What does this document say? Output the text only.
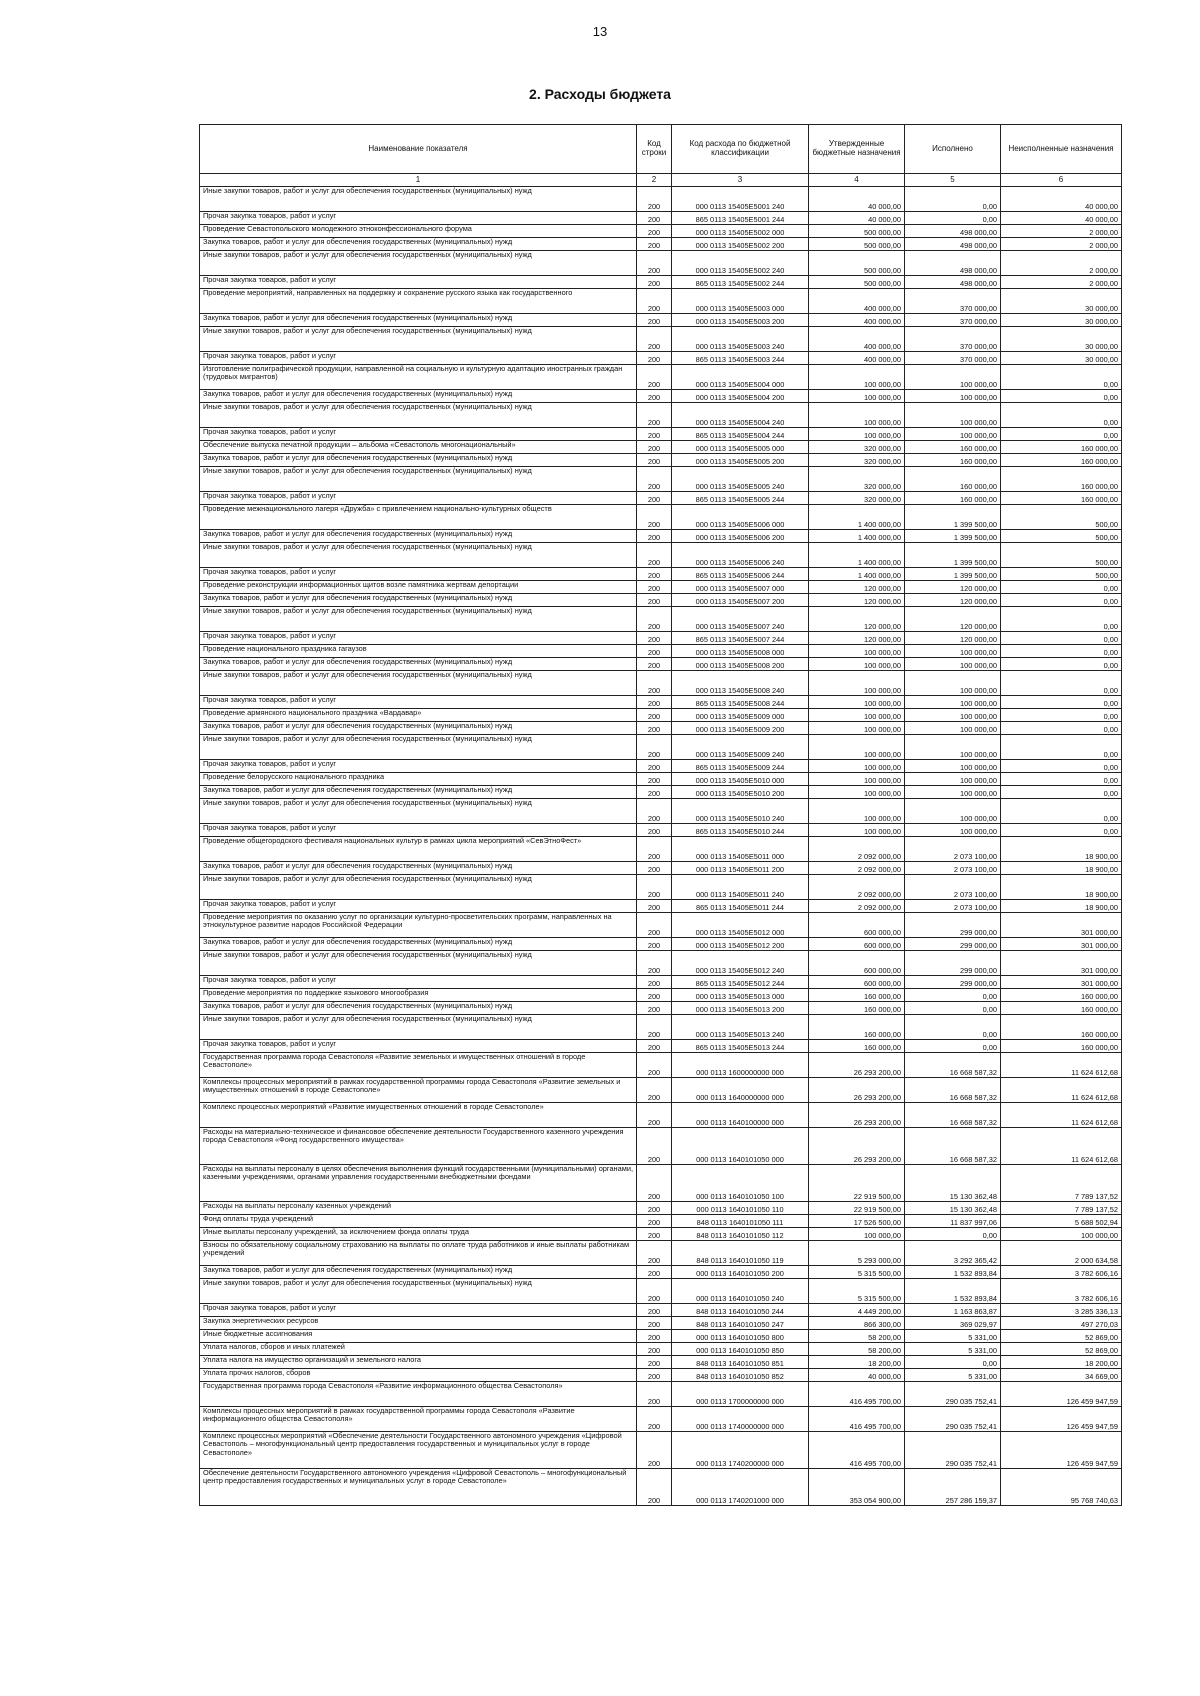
13
2. Расходы бюджета
Наименование показателя	Код строки	Код расхода по бюджетной классификации	Утвержденные бюджетные назначения	Исполнено	Неисполненные назначения
1	2	3	4	5	6
Иные закупки товаров, работ и услуг для обеспечения государственных (муниципальных) нужд	200	000 0113 15405E5001 240	40 000,00	0,00	40 000,00
Прочая закупка товаров, работ и услуг	200	865 0113 15405E5001 244	40 000,00	0,00	40 000,00
Проведение Севастопольского молодежного этноконфессионального форума	200	000 0113 15405E5002 000	500 000,00	498 000,00	2 000,00
Закупка товаров, работ и услуг для обеспечения государственных (муниципальных) нужд	200	000 0113 15405E5002 200	500 000,00	498 000,00	2 000,00
Иные закупки товаров, работ и услуг для обеспечения государственных (муниципальных) нужд	200	000 0113 15405E5002 240	500 000,00	498 000,00	2 000,00
Прочая закупка товаров, работ и услуг	200	865 0113 15405E5002 244	500 000,00	498 000,00	2 000,00
Проведение мероприятий, направленных на поддержку и сохранение русского языка как государственного	200	000 0113 15405E5003 000	400 000,00	370 000,00	30 000,00
Закупка товаров, работ и услуг для обеспечения государственных (муниципальных) нужд	200	000 0113 15405E5003 200	400 000,00	370 000,00	30 000,00
Иные закупки товаров, работ и услуг для обеспечения государственных (муниципальных) нужд	200	000 0113 15405E5003 240	400 000,00	370 000,00	30 000,00
Прочая закупка товаров, работ и услуг	200	865 0113 15405E5003 244	400 000,00	370 000,00	30 000,00
Изготовление полиграфической продукции, направленной на социальную и культурную адаптацию иностранных граждан (трудовых мигрантов)	200	000 0113 15405E5004 000	100 000,00	100 000,00	0,00
Закупка товаров, работ и услуг для обеспечения государственных (муниципальных) нужд	200	000 0113 15405E5004 200	100 000,00	100 000,00	0,00
Иные закупки товаров, работ и услуг для обеспечения государственных (муниципальных) нужд	200	000 0113 15405E5004 240	100 000,00	100 000,00	0,00
Прочая закупка товаров, работ и услуг	200	865 0113 15405E5004 244	100 000,00	100 000,00	0,00
Обеспечение выпуска печатной продукции – альбома «Севастополь многонациональный»	200	000 0113 15405E5005 000	320 000,00	160 000,00	160 000,00
Закупка товаров, работ и услуг для обеспечения государственных (муниципальных) нужд	200	000 0113 15405E5005 200	320 000,00	160 000,00	160 000,00
Иные закупки товаров, работ и услуг для обеспечения государственных (муниципальных) нужд	200	000 0113 15405E5005 240	320 000,00	160 000,00	160 000,00
Прочая закупка товаров, работ и услуг	200	865 0113 15405E5005 244	320 000,00	160 000,00	160 000,00
Проведение межнационального лагеря «Дружба» с привлечением национально-культурных обществ	200	000 0113 15405E5006 000	1 400 000,00	1 399 500,00	500,00
Закупка товаров, работ и услуг для обеспечения государственных (муниципальных) нужд	200	000 0113 15405E5006 200	1 400 000,00	1 399 500,00	500,00
Иные закупки товаров, работ и услуг для обеспечения государственных (муниципальных) нужд	200	000 0113 15405E5006 240	1 400 000,00	1 399 500,00	500,00
Прочая закупка товаров, работ и услуг	200	865 0113 15405E5006 244	1 400 000,00	1 399 500,00	500,00
Проведение реконструкции информационных щитов возле памятника жертвам депортации	200	000 0113 15405E5007 000	120 000,00	120 000,00	0,00
Закупка товаров, работ и услуг для обеспечения государственных (муниципальных) нужд	200	000 0113 15405E5007 200	120 000,00	120 000,00	0,00
Иные закупки товаров, работ и услуг для обеспечения государственных (муниципальных) нужд	200	000 0113 15405E5007 240	120 000,00	120 000,00	0,00
Прочая закупка товаров, работ и услуг	200	865 0113 15405E5007 244	120 000,00	120 000,00	0,00
Проведение национального праздника гагаузов	200	000 0113 15405E5008 000	100 000,00	100 000,00	0,00
Закупка товаров, работ и услуг для обеспечения государственных (муниципальных) нужд	200	000 0113 15405E5008 200	100 000,00	100 000,00	0,00
Иные закупки товаров, работ и услуг для обеспечения государственных (муниципальных) нужд	200	000 0113 15405E5008 240	100 000,00	100 000,00	0,00
Прочая закупка товаров, работ и услуг	200	865 0113 15405E5008 244	100 000,00	100 000,00	0,00
Проведение армянского национального праздника «Вардавар»	200	000 0113 15405E5009 000	100 000,00	100 000,00	0,00
Закупка товаров, работ и услуг для обеспечения государственных (муниципальных) нужд	200	000 0113 15405E5009 200	100 000,00	100 000,00	0,00
Иные закупки товаров, работ и услуг для обеспечения государственных (муниципальных) нужд	200	000 0113 15405E5009 240	100 000,00	100 000,00	0,00
Прочая закупка товаров, работ и услуг	200	865 0113 15405E5009 244	100 000,00	100 000,00	0,00
Проведение белорусского национального праздника	200	000 0113 15405E5010 000	100 000,00	100 000,00	0,00
Закупка товаров, работ и услуг для обеспечения государственных (муниципальных) нужд	200	000 0113 15405E5010 200	100 000,00	100 000,00	0,00
Иные закупки товаров, работ и услуг для обеспечения государственных (муниципальных) нужд	200	000 0113 15405E5010 240	100 000,00	100 000,00	0,00
Прочая закупка товаров, работ и услуг	200	865 0113 15405E5010 244	100 000,00	100 000,00	0,00
Проведение общегородского фестиваля национальных культур в рамках цикла мероприятий «СевЭтноФест»	200	000 0113 15405E5011 000	2 092 000,00	2 073 100,00	18 900,00
Закупка товаров, работ и услуг для обеспечения государственных (муниципальных) нужд	200	000 0113 15405E5011 200	2 092 000,00	2 073 100,00	18 900,00
Иные закупки товаров, работ и услуг для обеспечения государственных (муниципальных) нужд	200	000 0113 15405E5011 240	2 092 000,00	2 073 100,00	18 900,00
Прочая закупка товаров, работ и услуг	200	865 0113 15405E5011 244	2 092 000,00	2 073 100,00	18 900,00
Проведение мероприятия по оказанию услуг по организации культурно-просветительских программ, направленных на этнокультурное развитие народов Российской Федерации	200	000 0113 15405E5012 000	600 000,00	299 000,00	301 000,00
Закупка товаров, работ и услуг для обеспечения государственных (муниципальных) нужд	200	000 0113 15405E5012 200	600 000,00	299 000,00	301 000,00
Иные закупки товаров, работ и услуг для обеспечения государственных (муниципальных) нужд	200	000 0113 15405E5012 240	600 000,00	299 000,00	301 000,00
Прочая закупка товаров, работ и услуг	200	865 0113 15405E5012 244	600 000,00	299 000,00	301 000,00
Проведение мероприятия по поддержке языкового многообразия	200	000 0113 15405E5013 000	160 000,00	0,00	160 000,00
Закупка товаров, работ и услуг для обеспечения государственных (муниципальных) нужд	200	000 0113 15405E5013 200	160 000,00	0,00	160 000,00
Иные закупки товаров, работ и услуг для обеспечения государственных (муниципальных) нужд	200	000 0113 15405E5013 240	160 000,00	0,00	160 000,00
Прочая закупка товаров, работ и услуг	200	865 0113 15405E5013 244	160 000,00	0,00	160 000,00
Государственная программа города Севастополя «Развитие земельных и имущественных отношений в городе Севастополе»	200	000 0113 1600000000 000	26 293 200,00	16 668 587,32	11 624 612,68
Комплексы процессных мероприятий в рамках государственной программы города Севастополя «Развитие земельных и имущественных отношений в городе Севастополе»	200	000 0113 1640000000 000	26 293 200,00	16 668 587,32	11 624 612,68
Комплекс процессных мероприятий «Развитие имущественных отношений в городе Севастополе»	200	000 0113 1640100000 000	26 293 200,00	16 668 587,32	11 624 612,68
Расходы на материально-техническое и финансовое обеспечение деятельности Государственного казенного учреждения города Севастополя «Фонд государственного имущества»	200	000 0113 1640101050 000	26 293 200,00	16 668 587,32	11 624 612,68
Расходы на выплаты персоналу в целях обеспечения выполнения функций государственными (муниципальными) органами, казенными учреждениями, органами управления государственными внебюджетными фондами	200	000 0113 1640101050 100	22 919 500,00	15 130 362,48	7 789 137,52
Расходы на выплаты персоналу казенных учреждений	200	000 0113 1640101050 110	22 919 500,00	15 130 362,48	7 789 137,52
Фонд оплаты труда учреждений	200	848 0113 1640101050 111	17 526 500,00	11 837 997,06	5 688 502,94
Иные выплаты персоналу учреждений, за исключением фонда оплаты труда	200	848 0113 1640101050 112	100 000,00	0,00	100 000,00
Взносы по обязательному социальному страхованию на выплаты по оплате труда работников и иные выплаты работникам учреждений	200	848 0113 1640101050 119	5 293 000,00	3 292 365,42	2 000 634,58
Закупка товаров, работ и услуг для обеспечения государственных (муниципальных) нужд	200	000 0113 1640101050 200	5 315 500,00	1 532 893,84	3 782 606,16
Иные закупки товаров, работ и услуг для обеспечения государственных (муниципальных) нужд	200	000 0113 1640101050 240	5 315 500,00	1 532 893,84	3 782 606,16
Прочая закупка товаров, работ и услуг	200	848 0113 1640101050 244	4 449 200,00	1 163 863,87	3 285 336,13
Закупка энергетических ресурсов	200	848 0113 1640101050 247	866 300,00	369 029,97	497 270,03
Иные бюджетные ассигнования	200	000 0113 1640101050 800	58 200,00	5 331,00	52 869,00
Уплата налогов, сборов и иных платежей	200	000 0113 1640101050 850	58 200,00	5 331,00	52 869,00
Уплата налога на имущество организаций и земельного налога	200	848 0113 1640101050 851	18 200,00	0,00	18 200,00
Уплата прочих налогов, сборов	200	848 0113 1640101050 852	40 000,00	5 331,00	34 669,00
Государственная программа города Севастополя «Развитие информационного общества Севастополя»	200	000 0113 1700000000 000	416 495 700,00	290 035 752,41	126 459 947,59
Комплексы процессных мероприятий в рамках государственной программы города Севастополя «Развитие информационного общества Севастополя»	200	000 0113 1740000000 000	416 495 700,00	290 035 752,41	126 459 947,59
Комплекс процессных мероприятий «Обеспечение деятельности Государственного автономного учреждения «Цифровой Севастополь – многофункциональный центр предоставления государственных и муниципальных услуг в городе Севастополе»	200	000 0113 1740200000 000	416 495 700,00	290 035 752,41	126 459 947,59
Обеспечение деятельности Государственного автономного учреждения «Цифровой Севастополь – многофункциональный центр предоставления государственных и муниципальных услуг в городе Севастополе»	200	000 0113 1740201000 000	353 054 900,00	257 286 159,37	95 768 740,63
